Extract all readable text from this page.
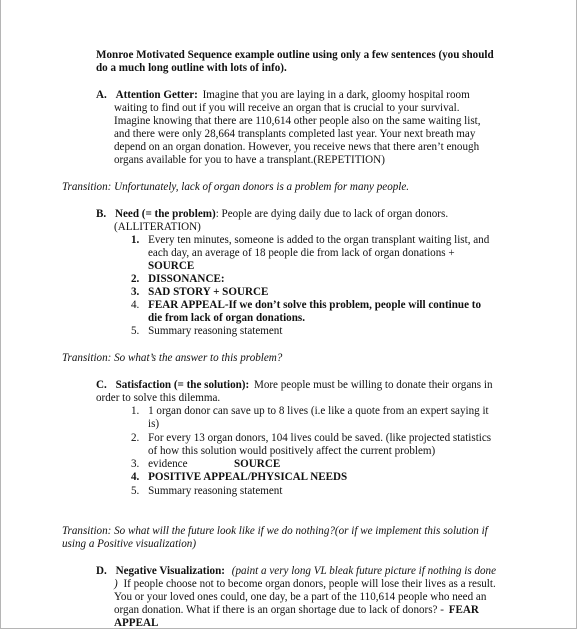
Monroe Motivated Sequence example outline using only a few sentences (you should
do a much long outline with lots of info).
A. Attention Getter: Imagine that you are laying in a dark, gloomy hospital room
waiting to find out if you will receive an organ that is crucial to your survival.
Imagine knowing that there are 110,614 other people also on the same waiting list,
and there were only 28,664 transplants completed last year. Your next breath may
depend on an organ donation. However, you receive news that there aren’t enough
organs available for you to have a transplant.(REPETITION)
Transition: Unfortunately, lack of organ donors is a problem for many people.
B. Need (= the problem): People are dying daily due to lack of organ donors.
(ALLITERATION)
1. Every ten minutes, someone is added to the organ transplant waiting list, and
each day, an average of 18 people die from lack of organ donations +
SOURCE
2. DISSONANCE:
3. SAD STORY + SOURCE
4. FEAR APPEAL-If we don’t solve this problem, people will continue to
die from lack of organ donations.
5. Summary reasoning statement
Transition: So what’s the answer to this problem?
C. Satisfaction (= the solution): More people must be willing to donate their organs in
order to solve this dilemma.
1. 1 organ donor can save up to 8 lives (i.e like a quote from an expert saying it
is)
2. For every 13 organ donors, 104 lives could be saved. (like projected statistics
of how this solution would positively affect the current problem)
3. evidence	SOURCE
4. POSITIVE APPEAL/PHYSICAL NEEDS
5. Summary reasoning statement
Transition: So what will the future look like if we do nothing?(or if we implement this solution if
using a Positive visualization)
D. Negative Visualization: (paint a very long VL bleak future picture if nothing is done
) If people choose not to become organ donors, people will lose their lives as a result.
You or your loved ones could, one day, be a part of the 110,614 people who need an
organ donation. What if there is an organ shortage due to lack of donors? - FEAR
APPEAL
